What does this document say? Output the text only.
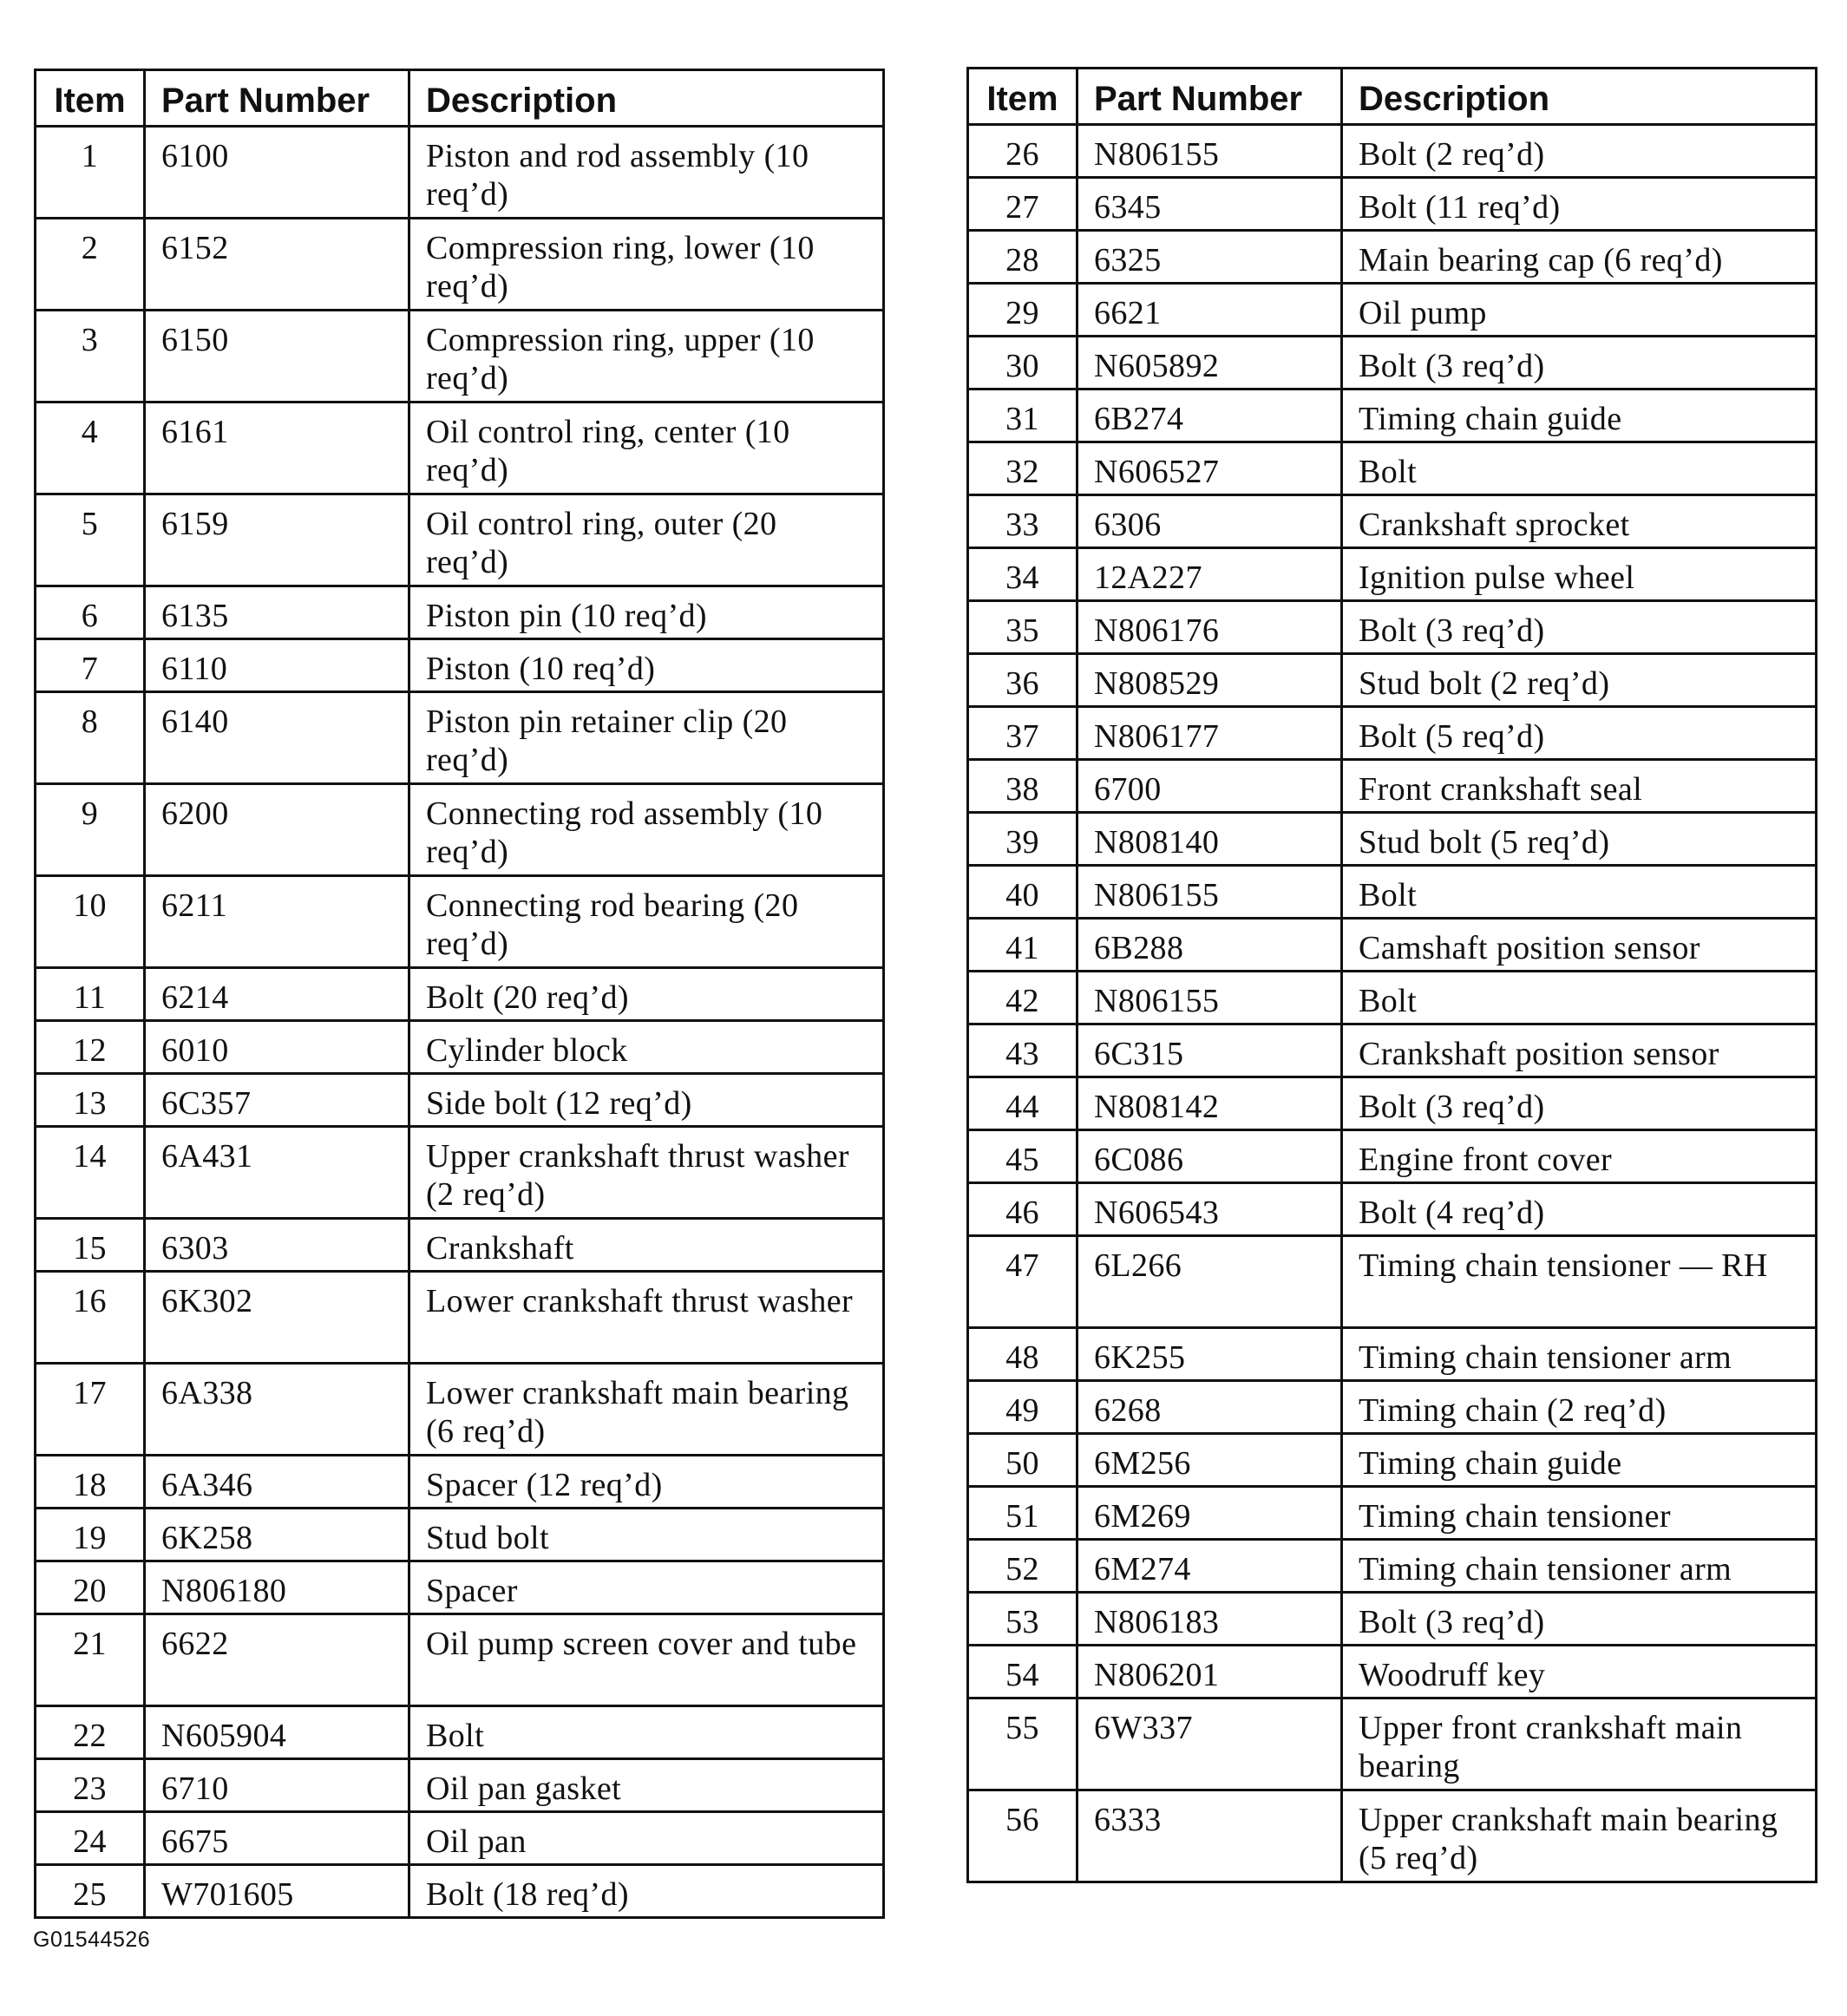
Item	Part Number	Description
1	6100	Piston and rod assembly (10 req’d)
2	6152	Compression ring, lower (10 req’d)
3	6150	Compression ring, upper (10 req’d)
4	6161	Oil control ring, center (10 req’d)
5	6159	Oil control ring, outer (20 req’d)
6	6135	Piston pin (10 req’d)
7	6110	Piston (10 req’d)
8	6140	Piston pin retainer clip (20 req’d)
9	6200	Connecting rod assembly (10 req’d)
10	6211	Connecting rod bearing (20 req’d)
11	6214	Bolt (20 req’d)
12	6010	Cylinder block
13	6C357	Side bolt (12 req’d)
14	6A431	Upper crankshaft thrust washer (2 req’d)
15	6303	Crankshaft
16	6K302	Lower crankshaft thrust washer
17	6A338	Lower crankshaft main bearing (6 req’d)
18	6A346	Spacer (12 req’d)
19	6K258	Stud bolt
20	N806180	Spacer
21	6622	Oil pump screen cover and tube
22	N605904	Bolt
23	6710	Oil pan gasket
24	6675	Oil pan
25	W701605	Bolt (18 req’d)
Item	Part Number	Description
26	N806155	Bolt (2 req’d)
27	6345	Bolt (11 req’d)
28	6325	Main bearing cap (6 req’d)
29	6621	Oil pump
30	N605892	Bolt (3 req’d)
31	6B274	Timing chain guide
32	N606527	Bolt
33	6306	Crankshaft sprocket
34	12A227	Ignition pulse wheel
35	N806176	Bolt (3 req’d)
36	N808529	Stud bolt (2 req’d)
37	N806177	Bolt (5 req’d)
38	6700	Front crankshaft seal
39	N808140	Stud bolt (5 req’d)
40	N806155	Bolt
41	6B288	Camshaft position sensor
42	N806155	Bolt
43	6C315	Crankshaft position sensor
44	N808142	Bolt (3 req’d)
45	6C086	Engine front cover
46	N606543	Bolt (4 req’d)
47	6L266	Timing chain tensioner — RH
48	6K255	Timing chain tensioner arm
49	6268	Timing chain (2 req’d)
50	6M256	Timing chain guide
51	6M269	Timing chain tensioner
52	6M274	Timing chain tensioner arm
53	N806183	Bolt (3 req’d)
54	N806201	Woodruff key
55	6W337	Upper front crankshaft main bearing
56	6333	Upper crankshaft main bearing (5 req’d)
G01544526
